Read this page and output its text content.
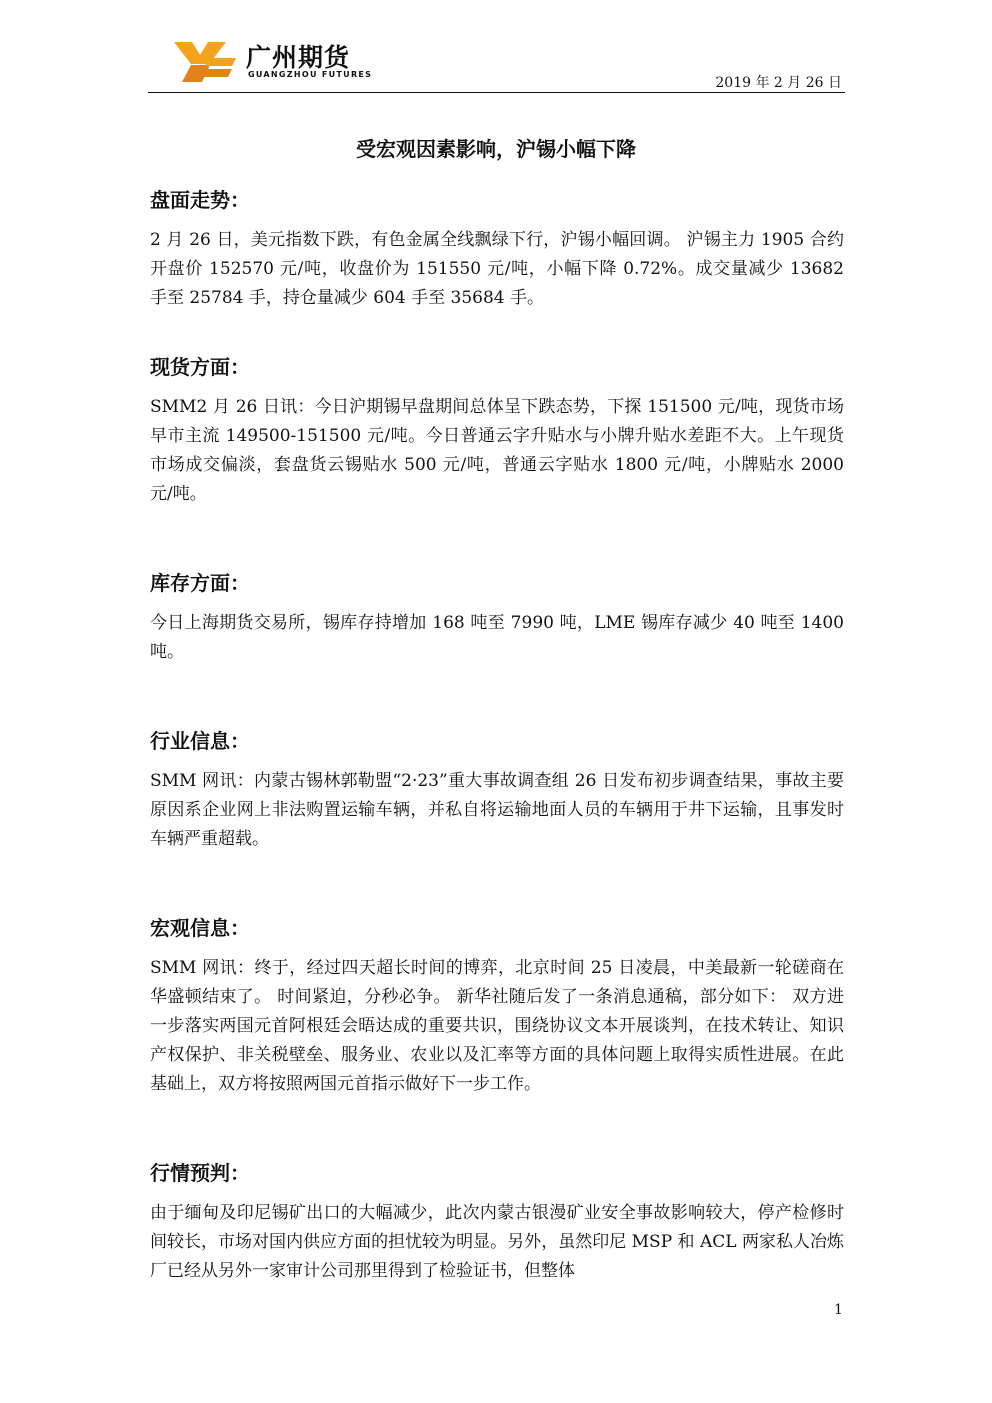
广州期货
GUANGZHOU FUTURES
2019 年 2 月 26 日
受宏观因素影响，沪锡小幅下降
盘面走势：

2 月 26 日，美元指数下跌，有色金属全线飘绿下行，沪锡小幅回调。 沪锡主力 1905 合约开盘价 152570 元/吨，收盘价为 151550 元/吨，小幅下降 0.72%。成交量减少 13682 手至 25784 手，持仓量减少 604 手至 35684 手。

现货方面：

SMM2 月 26 日讯：今日沪期锡早盘期间总体呈下跌态势，下探 151500 元/吨，现货市场早市主流 149500-151500 元/吨。今日普通云字升贴水与小牌升贴水差距不大。上午现货市场成交偏淡，套盘货云锡贴水 500 元/吨，普通云字贴水 1800 元/吨，小牌贴水 2000 元/吨。

库存方面：

今日上海期货交易所，锡库存持增加 168 吨至 7990 吨，LME 锡库存减少 40 吨至 1400 吨。

行业信息：

SMM 网讯：内蒙古锡林郭勒盟“2·23”重大事故调查组 26 日发布初步调查结果，事故主要原因系企业网上非法购置运输车辆，并私自将运输地面人员的车辆用于井下运输，且事发时车辆严重超载。

宏观信息：

SMM 网讯：终于，经过四天超长时间的博弈，北京时间 25 日凌晨，中美最新一轮磋商在华盛顿结束了。 时间紧迫，分秒必争。 新华社随后发了一条消息通稿，部分如下： 双方进一步落实两国元首阿根廷会晤达成的重要共识，围绕协议文本开展谈判，在技术转让、知识产权保护、非关税壁垒、服务业、农业以及汇率等方面的具体问题上取得实质性进展。在此基础上，双方将按照两国元首指示做好下一步工作。

行情预判：

由于缅甸及印尼锡矿出口的大幅减少，此次内蒙古银漫矿业安全事故影响较大，停产检修时间较长，市场对国内供应方面的担忧较为明显。另外，虽然印尼 MSP 和 ACL 两家私人冶炼厂已经从另外一家审计公司那里得到了检验证书，但整体

1
